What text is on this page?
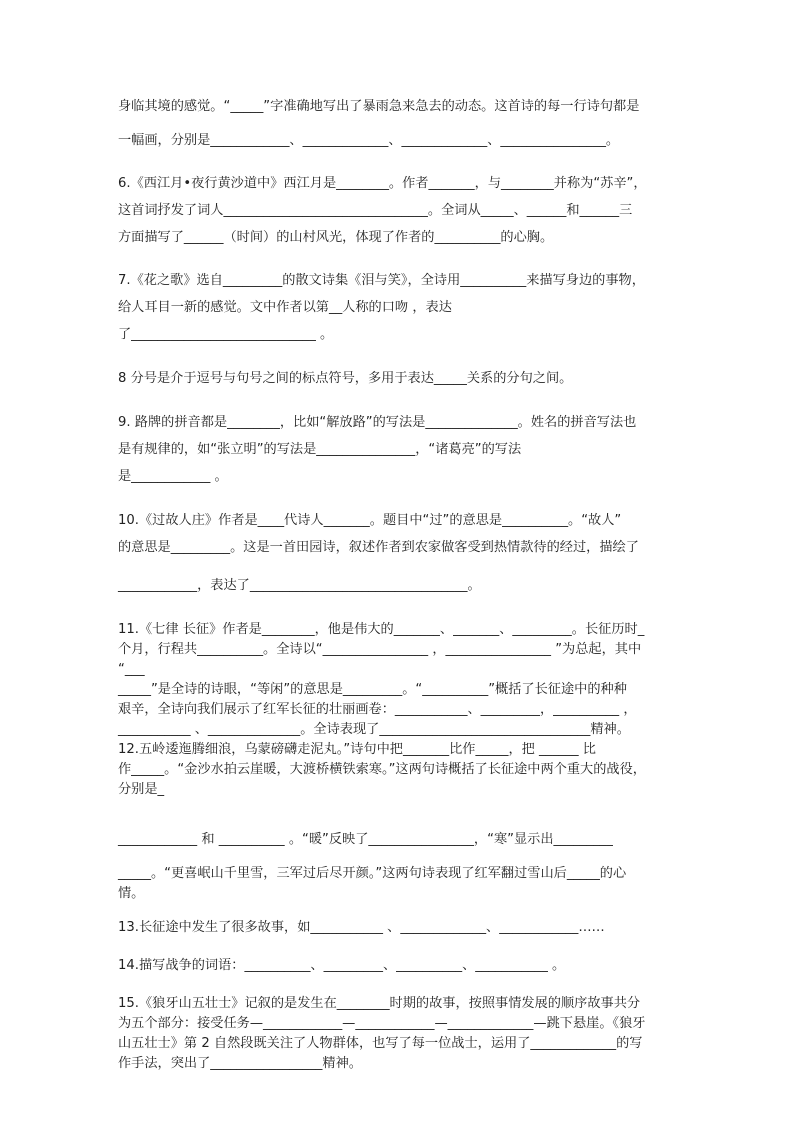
身临其境的感觉。“_____”字准确地写出了暴雨急来急去的动态。这首诗的每一行诗句都是
一幅画，分别是____________、_____________、_____________、________________。
6.《西江月•夜行黄沙道中》西江月是________。作者_______，与________并称为“苏辛”，
这首词抒发了词人_______________________________。全词从_____、______和______三
方面描写了______（时间）的山村风光，体现了作者的__________的心胸。
7.《花之歌》选自_________的散文诗集《泪与笑》，全诗用__________来描写身边的事物，
给人耳目一新的感觉。文中作者以第__人称的口吻 ，表达
了____________________________ 。
8 分号是介于逗号与句号之间的标点符号，多用于表达_____关系的分句之间。
9. 路牌的拼音都是________，比如“解放路”的写法是______________。姓名的拼音写法也
是有规律的，如“张立明”的写法是_______________，“诸葛亮”的写法
是____________ 。
10.《过故人庄》作者是____代诗人_______。题目中“过”的意思是__________。“故人”
的意思是_________。这是一首田园诗，叙述作者到农家做客受到热情款待的经过，描绘了
____________，表达了_________________________________。
11.《七律 长征》作者是________，他是伟大的_______、_______、_________。长征历时_
个月，行程共__________。全诗以“________________ ，________________ ”为总起，其中
“___
_____”是全诗的诗眼，“等闲”的意思是_________。“__________”概括了长征途中的种种
艰辛，全诗向我们展示了红军长征的壮丽画卷：___________、_________，__________ ，
___________ 、______________。全诗表现了________________________________精神。
12.五岭逶迤腾细浪，乌蒙磅礴走泥丸。”诗句中把_______比作_____，把 ______ 比
作_____。“金沙水拍云崖暖，大渡桥横铁索寒。”这两句诗概括了长征途中两个重大的战役，
分别是_
____________ 和 __________ 。“暖”反映了________________，“寒”显示出_________
_____。“更喜岷山千里雪，三军过后尽开颜。”这两句诗表现了红军翻过雪山后_____的心
情。
13.长征途中发生了很多故事，如___________ 、_____________、____________……
14.描写战争的词语：__________、_________、__________、___________ 。
15.《狼牙山五壮士》记叙的是发生在________时期的故事，按照事情发展的顺序故事共分
为五个部分：接受任务—____________—____________—_____________—跳下悬崖。《狼牙
山五壮士》第 2 自然段既关注了人物群体，也写了每一位战士，运用了_____________的写
作手法，突出了_________________精神。
